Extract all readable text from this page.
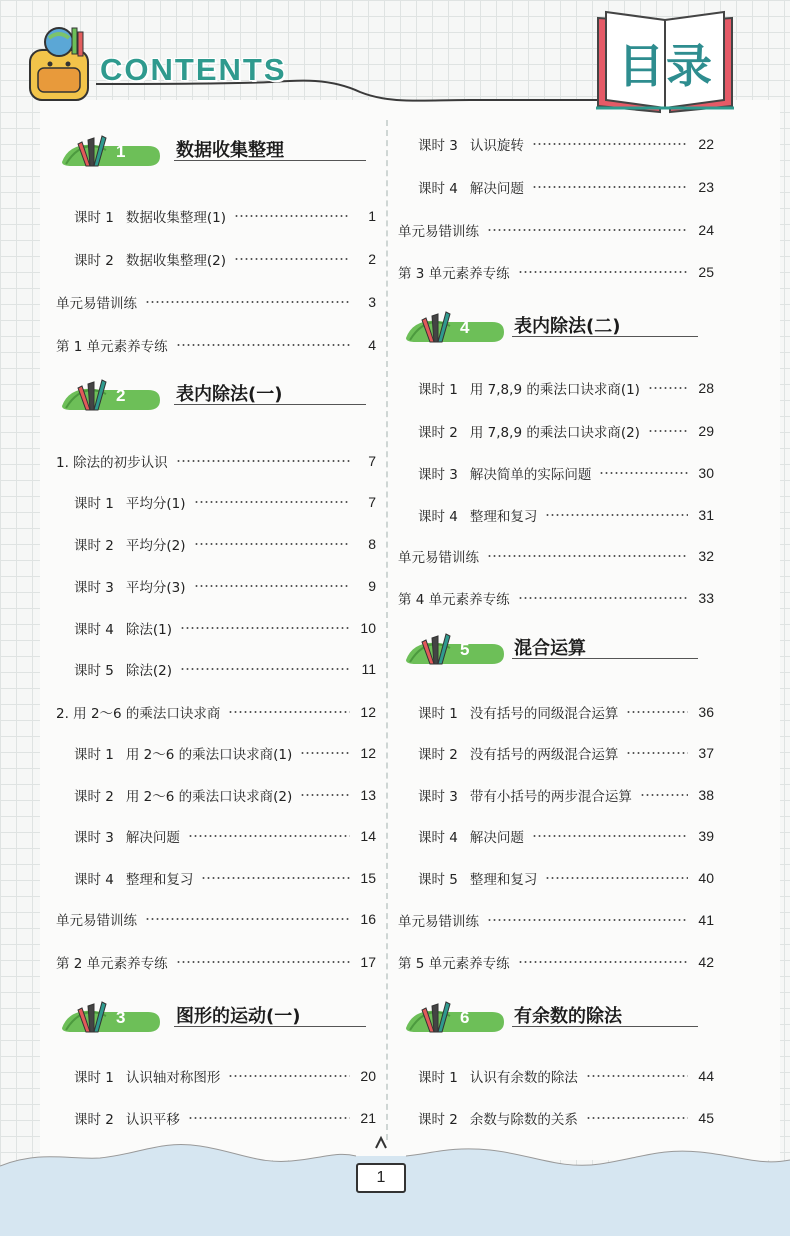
CONTENTS	目录
1	数据收集整理
课时 1 数据收集整理(1)	1
课时 2 数据收集整理(2)	2
单元易错训练	3
第 1 单元素养专练	4
2	表内除法(一)
1. 除法的初步认识	7
课时 1 平均分(1)	7
课时 2 平均分(2)	8
课时 3 平均分(3)	9
课时 4 除法(1)	10
课时 5 除法(2)	11
2. 用 2～6 的乘法口诀求商	12
课时 1 用 2～6 的乘法口诀求商(1)	12
课时 2 用 2～6 的乘法口诀求商(2)	13
课时 3 解决问题	14
课时 4 整理和复习	15
单元易错训练	16
第 2 单元素养专练	17
3	图形的运动(一)
课时 1 认识轴对称图形	20
课时 2 认识平移	21
课时 3 认识旋转	22
课时 4 解决问题	23
单元易错训练	24
第 3 单元素养专练	25
4 表内除法(二)
课时 1 用 7,8,9 的乘法口诀求商(1)	28
课时 2 用 7,8,9 的乘法口诀求商(2)	29
课时 3 解决简单的实际问题	30
课时 4 整理和复习	31
单元易错训练	32
第 4 单元素养专练	33
5 混合运算
课时 1 没有括号的同级混合运算	36
课时 2 没有括号的两级混合运算	37
课时 3 带有小括号的两步混合运算	38
课时 4 解决问题	39
课时 5 整理和复习	40
单元易错训练	41
第 5 单元素养专练	42
6 有余数的除法
课时 1 认识有余数的除法	44
课时 2 余数与除数的关系	45
1
